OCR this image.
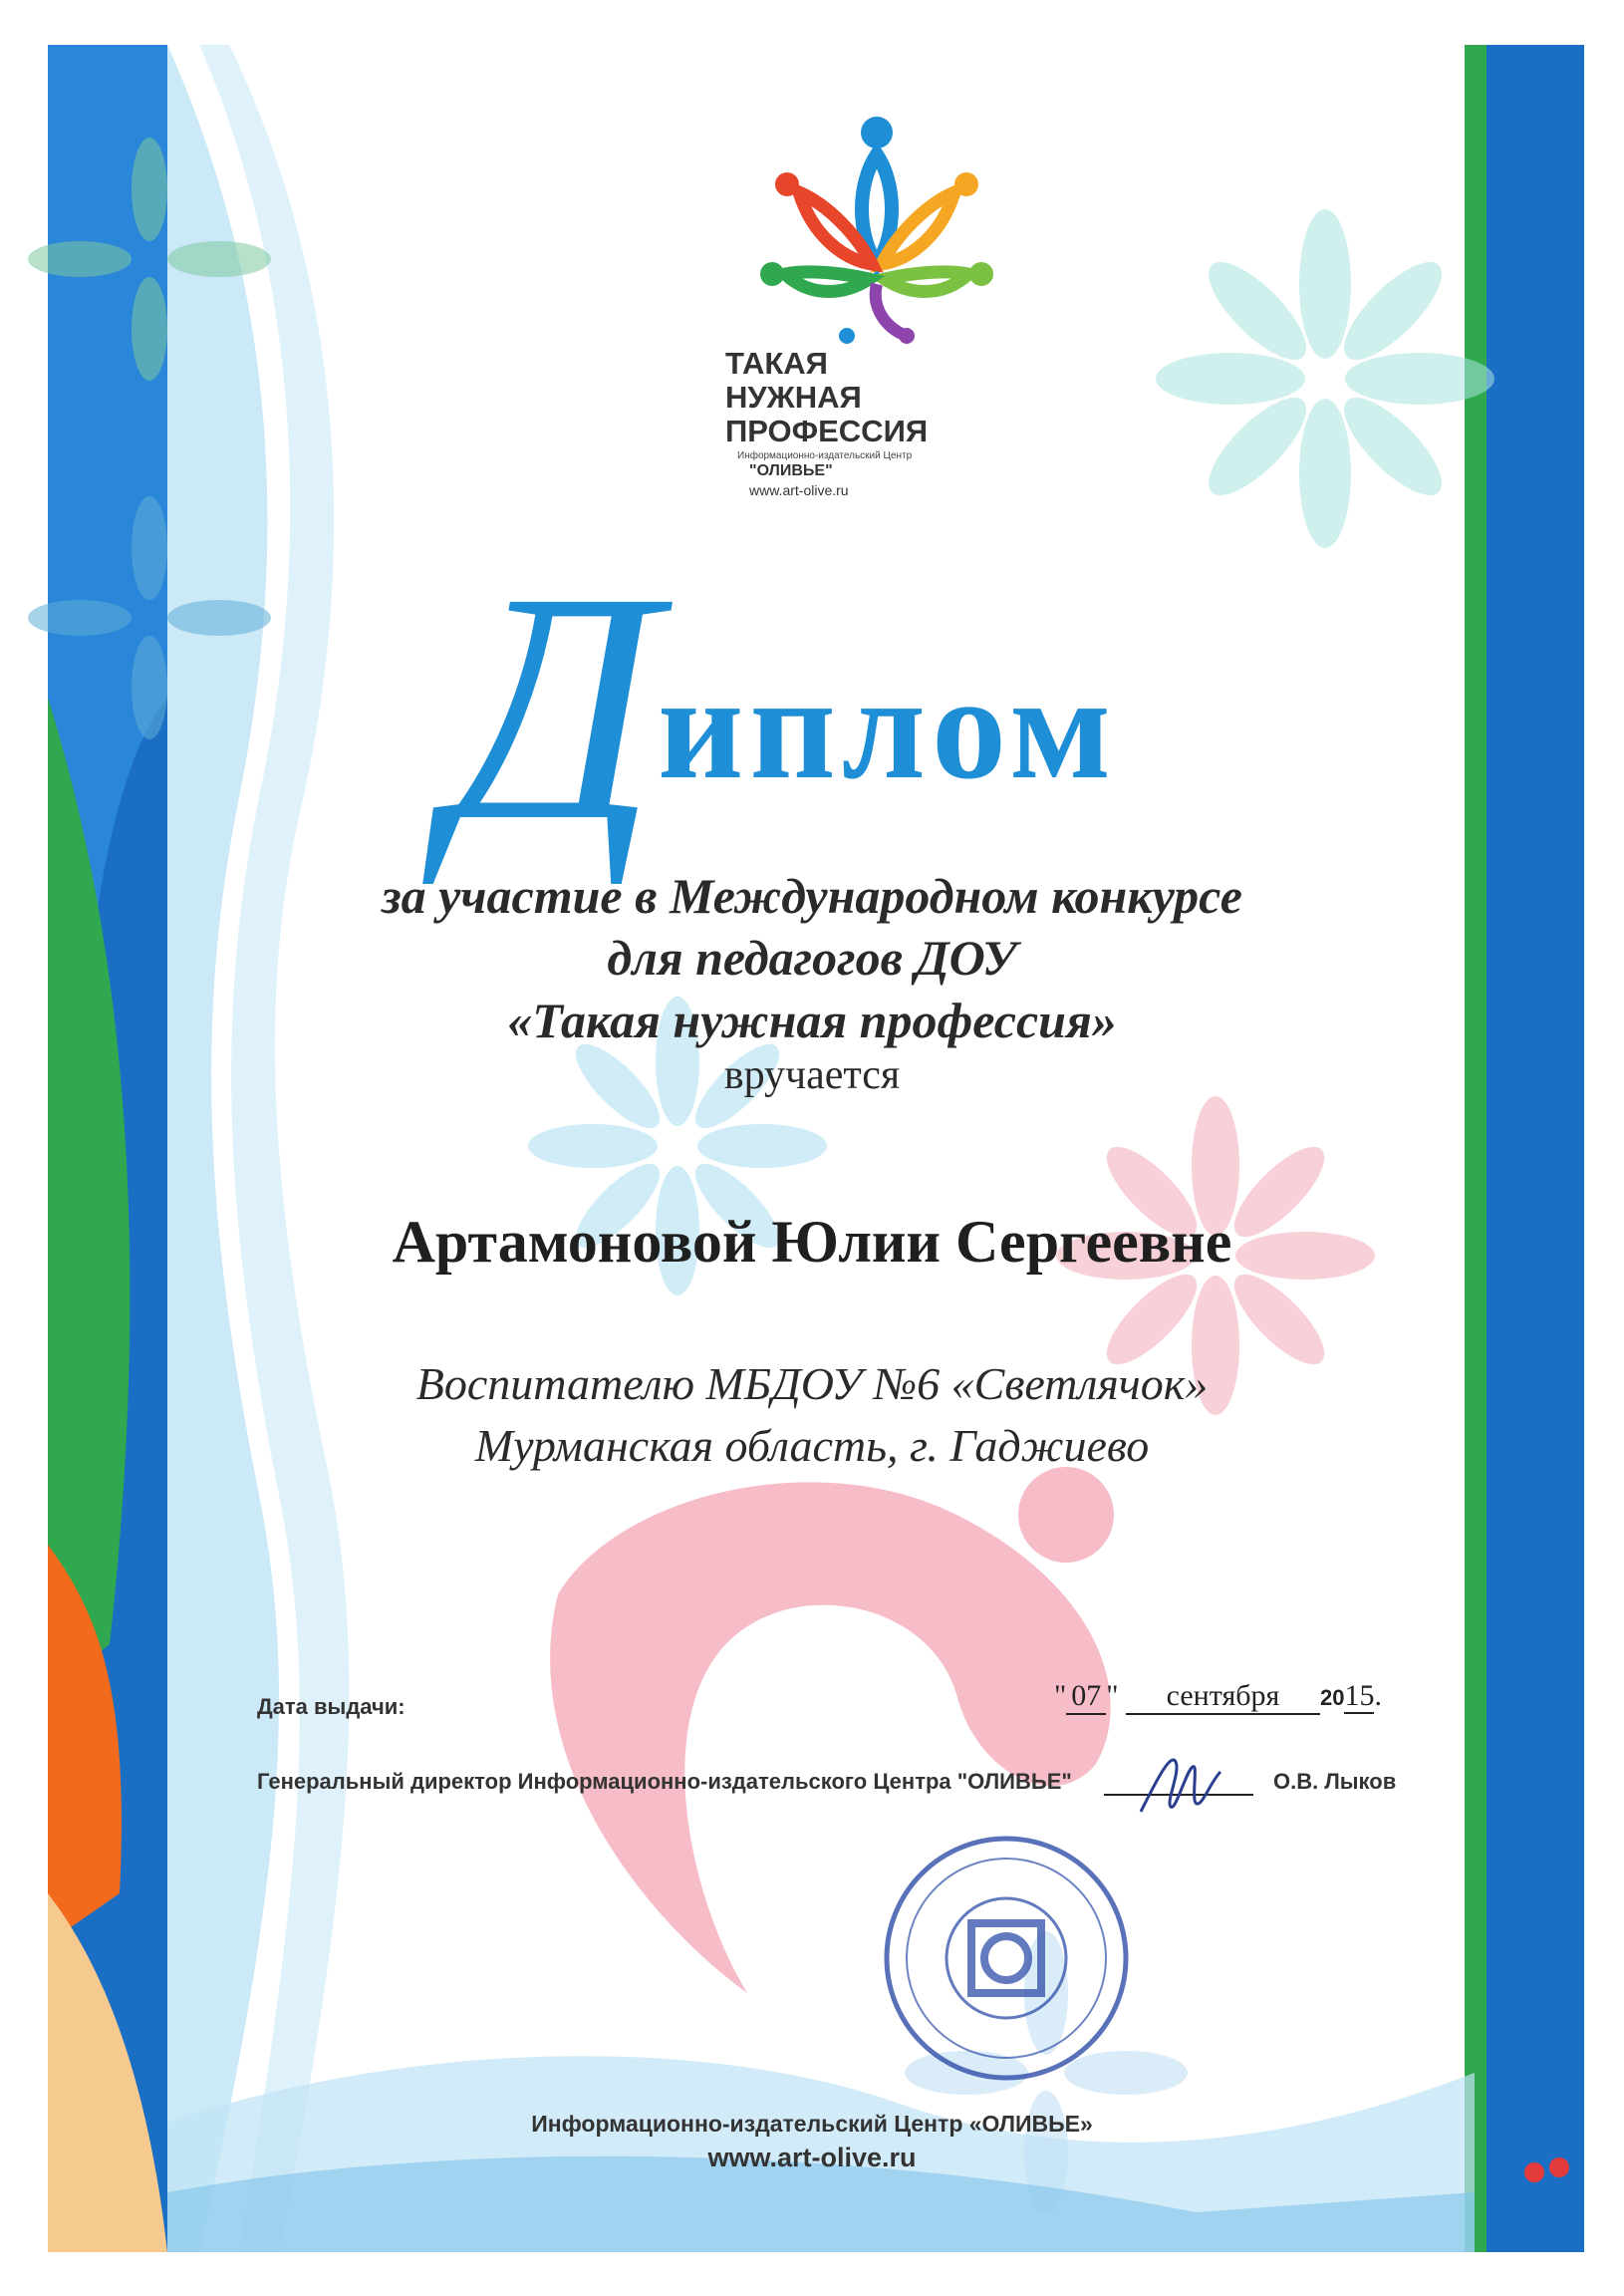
ТАКАЯ
НУЖНАЯ
ПРОФЕССИЯ
Информационно-издательский Центр
"ОЛИВЬЕ"
www.art-olive.ru
Д иплом
за участие в Международном конкурсе
для педагогов ДОУ
«Такая нужная профессия»
вручается
Артамоновой Юлии Сергеевне
Воспитателю МБДОУ №6 «Светлячок»
Мурманская область, г. Гаджиево
Дата выдачи:	" 07 " сентября 2015.
Генеральный директор Информационно-издательского Центра "ОЛИВЬЕ"	О.В. Лыков
Информационно-издательский Центр «ОЛИВЬЕ»
www.art-olive.ru
